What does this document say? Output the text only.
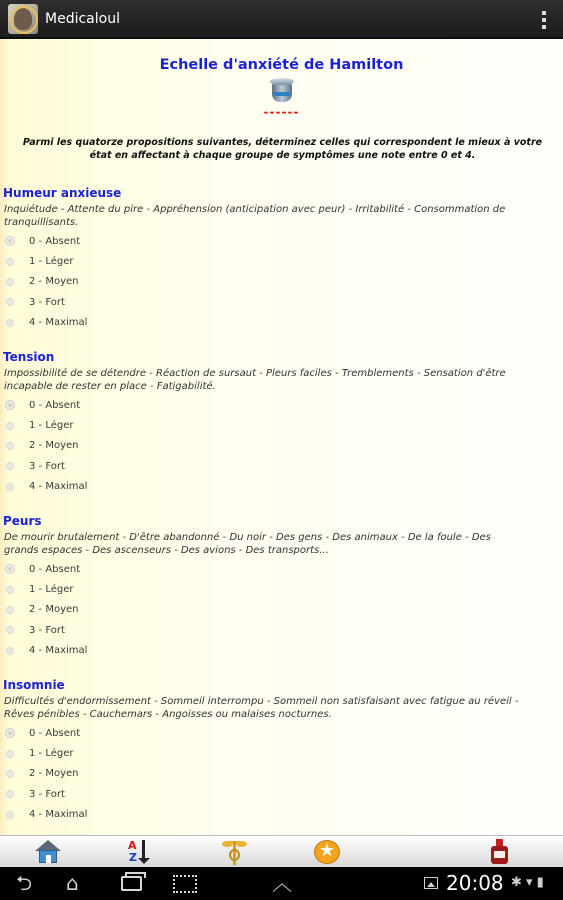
Medicaloul
Echelle d'anxiété de Hamilton
------
Parmi les quatorze propositions suivantes, déterminez celles qui correspondent le mieux à votre état en affectant à chaque groupe de symptômes une note entre 0 et 4.
Humeur anxieuse
Inquiétude - Attente du pire - Appréhension (anticipation avec peur) - Irritabilité - Consommation de tranquillisants.
0 - Absent
1 - Léger
2 - Moyen
3 - Fort
4 - Maximal
Tension
Impossibilité de se détendre - Réaction de sursaut - Pleurs faciles - Tremblements - Sensation d'être incapable de rester en place - Fatigabilité.
0 - Absent
1 - Léger
2 - Moyen
3 - Fort
4 - Maximal
Peurs
De mourir brutalement - D'être abandonné - Du noir - Des gens - Des animaux - De la foule - Des grands espaces - Des ascenseurs - Des avions - Des transports...
0 - Absent
1 - Léger
2 - Moyen
3 - Fort
4 - Maximal
Insomnie
Difficultés d'endormissement - Sommeil interrompu - Sommeil non satisfaisant avec fatigue au réveil - Rêves pénibles - Cauchemars - Angoisses ou malaises nocturnes.
0 - Absent
1 - Léger
2 - Moyen
3 - Fort
4 - Maximal
A
Z	★
⮌ ⌂	︿	20:08 ✱ ▾ ▮
